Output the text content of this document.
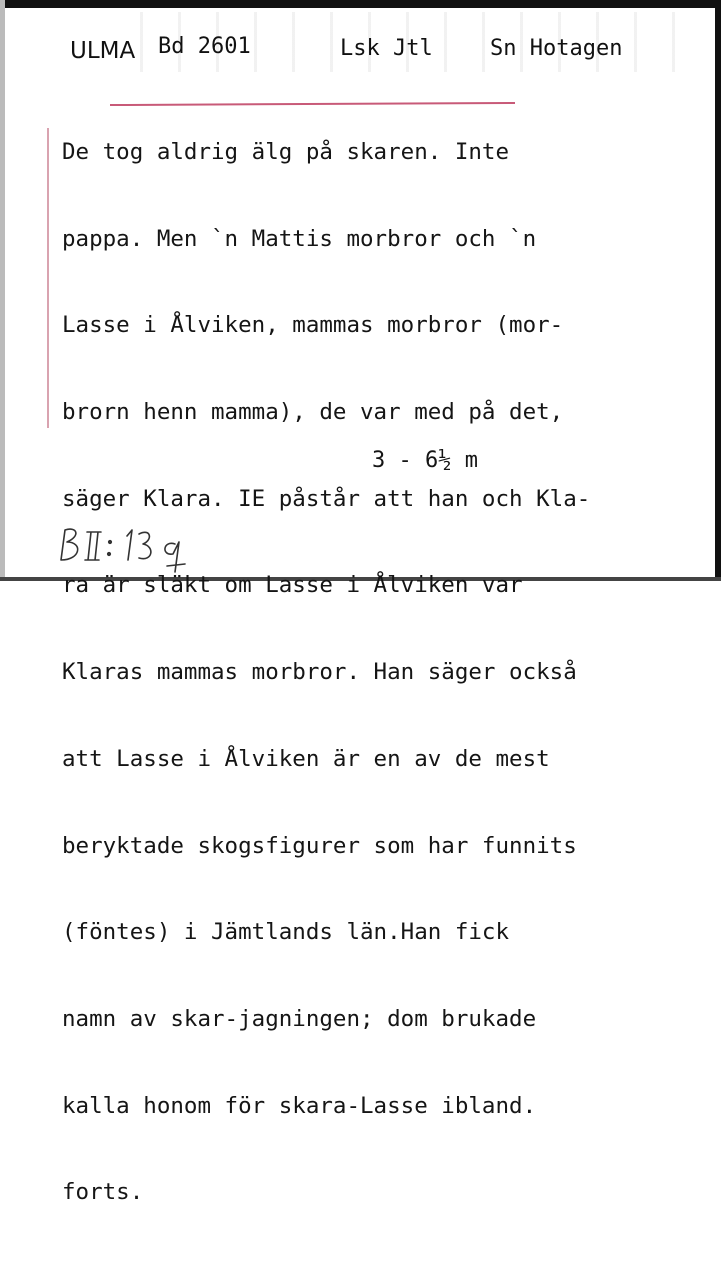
ULMA Bd 2601	Lsk Jtl	Sn Hotagen

De tog aldrig älg på skaren. Inte

pappa. Men `n Mattis morbror och `n

Lasse i Ålviken, mammas morbror (mor-

brorn henn mamma), de var med på det,

säger Klara. IE påstår att han och Kla-

ra är släkt om Lasse i Ålviken var

Klaras mammas morbror. Han säger också

att Lasse i Ålviken är en av de mest

beryktade skogsfigurer som har funnits

(föntes) i Jämtlands län.Han fick

namn av skar-jagningen; dom brukade

kalla honom för skara-Lasse ibland.

forts.

3 - 6½ m
